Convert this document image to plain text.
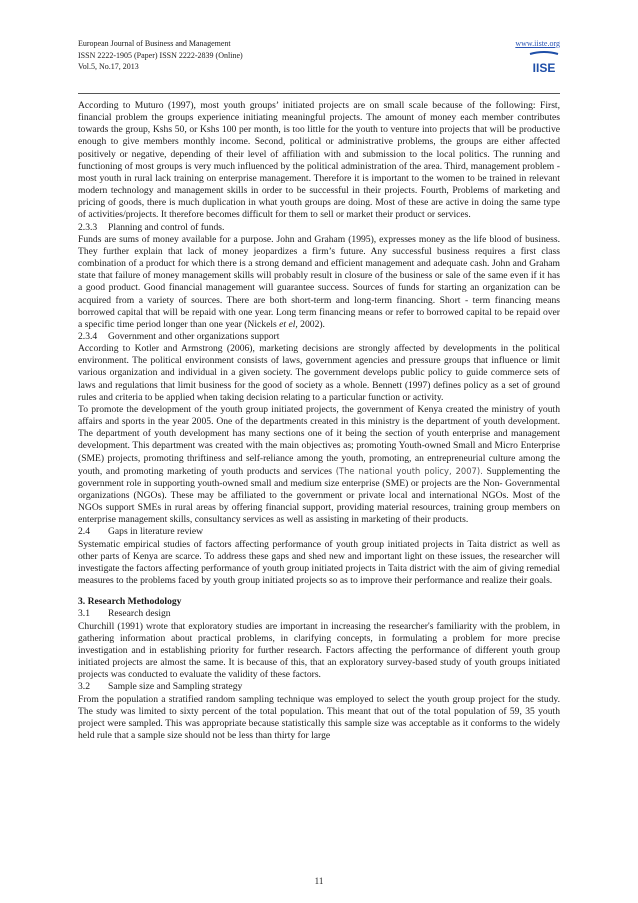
European Journal of Business and Management
ISSN 2222-1905 (Paper) ISSN 2222-2839 (Online)
Vol.5, No.17, 2013
www.iiste.org
IISE

According to Muturo (1997), most youth groups’ initiated projects are on small scale because of the following: First, financial problem the groups experience initiating meaningful projects. The amount of money each member contributes towards the group, Kshs 50, or Kshs 100 per month, is too little for the youth to venture into projects that will be productive enough to give members monthly income. Second, political or administrative problems, the groups are either affected positively or negative, depending of their level of affiliation with and submission to the local politics. The running and functioning of most groups is very much influenced by the political administration of the area. Third, management problem - most youth in rural lack training on enterprise management. Therefore it is important to the women to be trained in relevant modern technology and management skills in order to be successful in their projects. Fourth, Problems of marketing and pricing of goods, there is much duplication in what youth groups are doing. Most of these are active in doing the same type of activities/projects. It therefore becomes difficult for them to sell or market their product or services.

2.3.3 Planning and control of funds.

Funds are sums of money available for a purpose. John and Graham (1995), expresses money as the life blood of business. They further explain that lack of money jeopardizes a firm’s future. Any successful business requires a first class combination of a product for which there is a strong demand and efficient management and adequate cash. John and Graham state that failure of money management skills will probably result in closure of the business or sale of the same even if it has a good product. Good financial management will guarantee success. Sources of funds for starting an organization can be acquired from a variety of sources. There are both short-term and long-term financing. Short - term financing means borrowed capital that will be repaid with one year. Long term financing means or refer to borrowed capital to be repaid over a specific time period longer than one year (Nickels et el, 2002).

2.3.4 Government and other organizations support

According to Kotler and Armstrong (2006), marketing decisions are strongly affected by developments in the political environment. The political environment consists of laws, government agencies and pressure groups that influence or limit various organization and individual in a given society. The government develops public policy to guide commerce sets of laws and regulations that limit business for the good of society as a whole. Bennett (1997) defines policy as a set of ground rules and criteria to be applied when taking decision relating to a particular function or activity.

To promote the development of the youth group initiated projects, the government of Kenya created the ministry of youth affairs and sports in the year 2005. One of the departments created in this ministry is the department of youth development. The department of youth development has many sections one of it being the section of youth enterprise and management development. This department was created with the main objectives as; promoting Youth-owned Small and Micro Enterprise (SME) projects, promoting thriftiness and self-reliance among the youth, promoting, an entrepreneurial culture among the youth, and promoting marketing of youth products and services (The national youth policy, 2007). Supplementing the government role in supporting youth-owned small and medium size enterprise (SME) or projects are the Non- Governmental organizations (NGOs). These may be affiliated to the government or private local and international NGOs. Most of the NGOs support SMEs in rural areas by offering financial support, providing material resources, training group members on enterprise management skills, consultancy services as well as assisting in marketing of their products.

2.4 Gaps in literature review

Systematic empirical studies of factors affecting performance of youth group initiated projects in Taita district as well as other parts of Kenya are scarce. To address these gaps and shed new and important light on these issues, the researcher will investigate the factors affecting performance of youth group initiated projects in Taita district with the aim of giving remedial measures to the problems faced by youth group initiated projects so as to improve their performance and realize their goals.

3. Research Methodology
3.1 Research design

Churchill (1991) wrote that exploratory studies are important in increasing the researcher's familiarity with the problem, in gathering information about practical problems, in clarifying concepts, in formulating a problem for more precise investigation and in establishing priority for further research. Factors affecting the performance of different youth group initiated projects are almost the same. It is because of this, that an exploratory survey-based study of youth groups initiated projects was conducted to evaluate the validity of these factors.

3.2 Sample size and Sampling strategy

From the population a stratified random sampling technique was employed to select the youth group project for the study. The study was limited to sixty percent of the total population. This meant that out of the total population of 59, 35 youth project were sampled. This was appropriate because statistically this sample size was acceptable as it conforms to the widely held rule that a sample size should not be less than thirty for large

11
